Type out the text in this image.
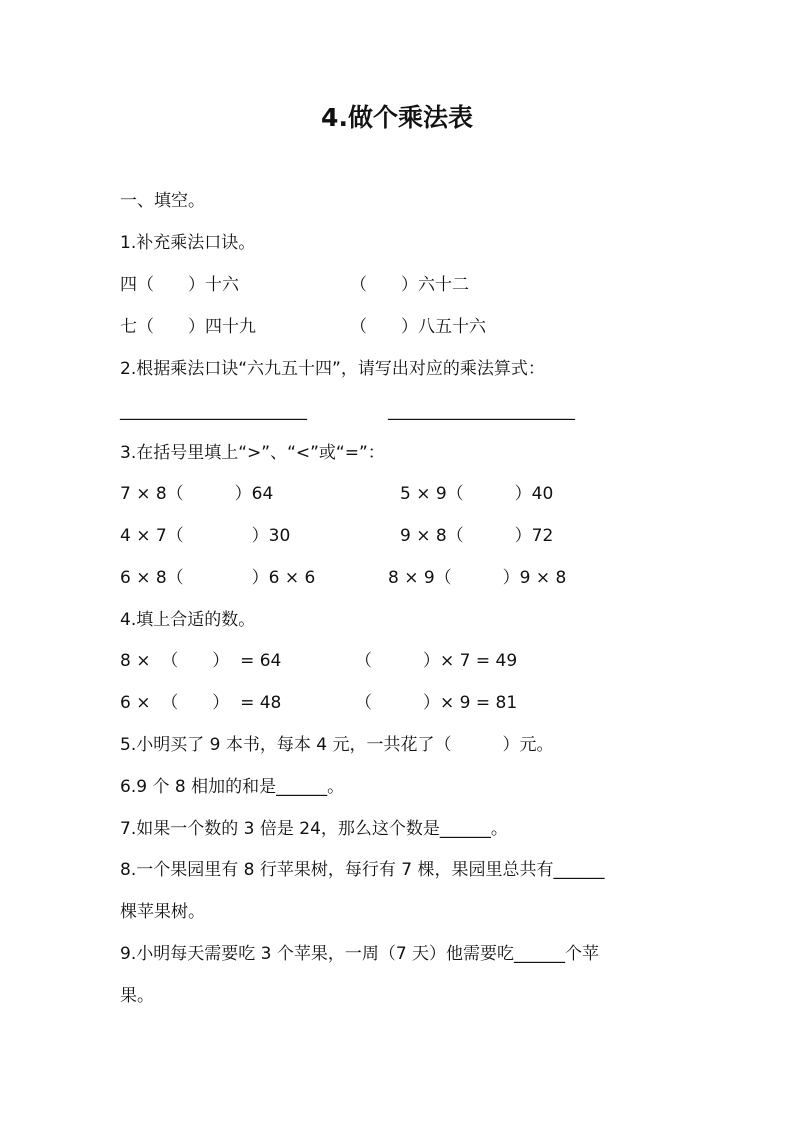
4.做个乘法表
一、填空。
1.补充乘法口诀。
四（　　）十六	（　　）六十二
七（　　）四十九	（　　）八五十六
2.根据乘法口诀“六九五十四”，请写出对应的乘法算式：
______________________	______________________
3.在括号里填上“>”、“<”或“=”：
7 × 8（　　　）64	5 × 9（　　　）40
4 × 7（　　　　）30	9 × 8（　　　）72
6 × 8（　　　　）6 × 6	8 × 9（　　　）9 × 8
4.填上合适的数。
8 ×  （　　）  = 64	（　　　）× 7 = 49
6 ×  （　　）  = 48	（　　　）× 9 = 81
5.小明买了 9 本书，每本 4 元，一共花了（　　　）元。
6.9 个 8 相加的和是______。
7.如果一个数的 3 倍是 24，那么这个数是______。
8.一个果园里有 8 行苹果树，每行有 7 棵，果园里总共有______
棵苹果树。
9.小明每天需要吃 3 个苹果，一周（7 天）他需要吃______个苹
果。
